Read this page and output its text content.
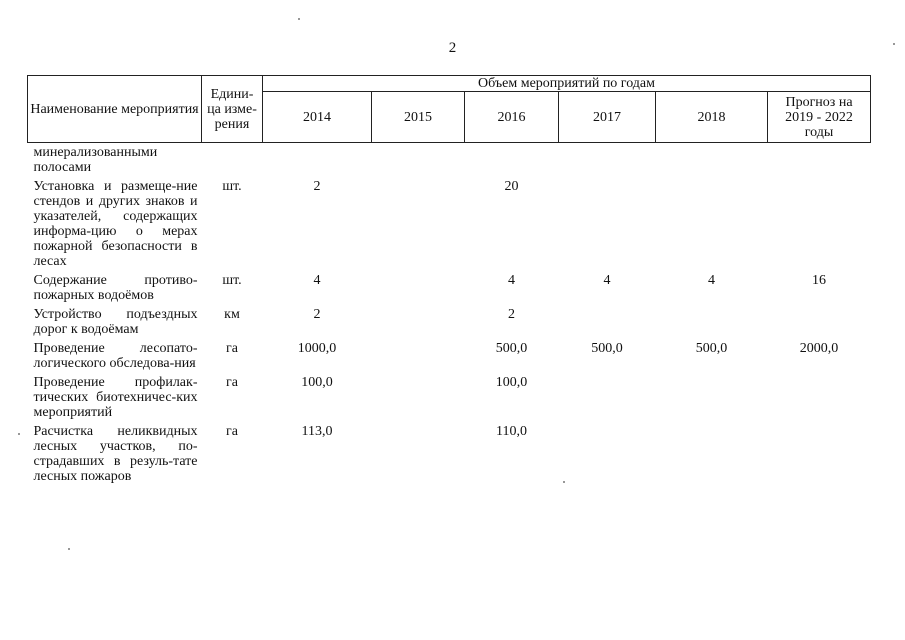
2
Наименование мероприятия	Едини-ца изме-рения	Объем мероприятий по годам					
		2014	2015	2016	2017	2018	Прогноз на 2019 - 2022 годы
минерализованными полосами							
Установка и размеще-ние стендов и других знаков и указателей, содержащих информа-цию о мерах пожарной безопасности в лесах	шт.	2		20			
Содержание противо-пожарных водоёмов	шт.	4		4	4	4	16
Устройство подъездных дорог к водоёмам	км	2		2			
Проведение лесопато-логического обследова-ния	га	1000,0		500,0	500,0	500,0	2000,0
Проведение профилак-тических биотехничес-ких мероприятий	га	100,0		100,0			
Расчистка неликвидных лесных участков, по-страдавших в резуль-тате лесных пожаров	га	113,0		110,0			
